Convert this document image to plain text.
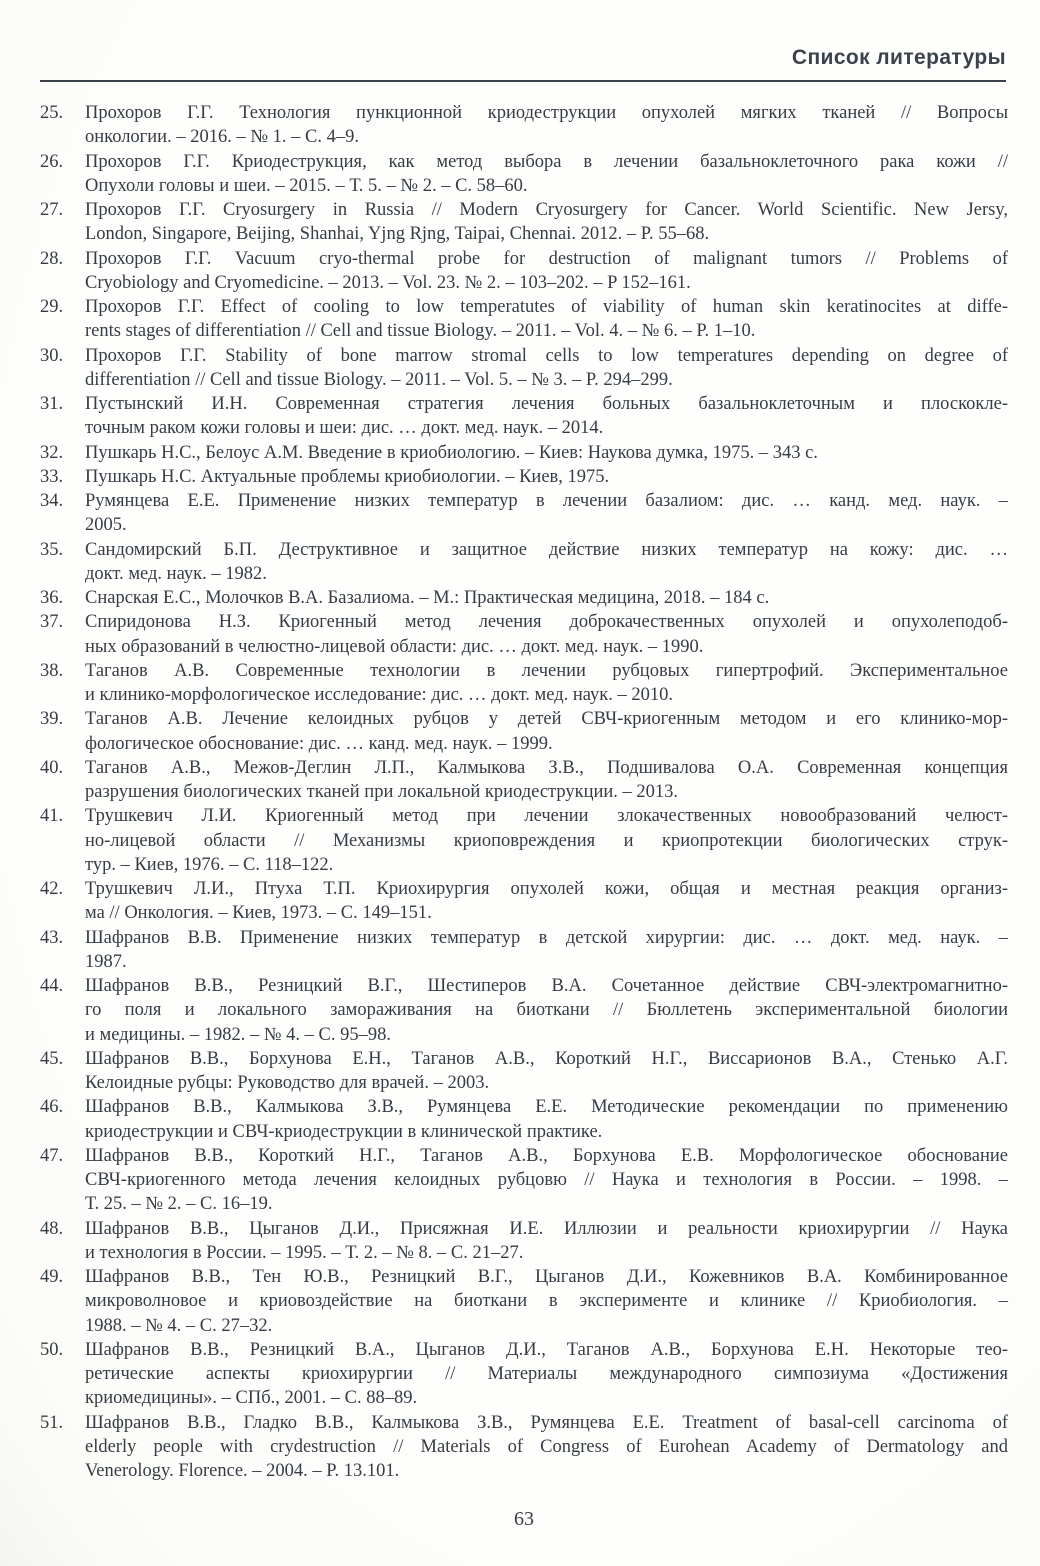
Список литературы
25.	Прохоров Г.Г. Технология пункционной криодеструкции опухолей мягких тканей // Вопросы
онкологии. – 2016. – № 1. – С. 4–9.
26.	Прохоров Г.Г. Криодеструкция, как метод выбора в лечении базальноклеточного рака кожи //
Опухоли головы и шеи. – 2015. – Т. 5. – № 2. – С. 58–60.
27.	Прохоров Г.Г. Cryosurgery in Russia // Modern Cryosurgery for Cancer. World Scientific. New Jersy,
London, Singapore, Beijing, Shanhai, Yjng Rjng, Taipai, Chennai. 2012. – P. 55–68.
28.	Прохоров Г.Г. Vacuum cryo-thermal probe for destruction of malignant tumors // Problems of
Cryobiology and Cryomedicine. – 2013. – Vol. 23. № 2. – 103–202. – P 152–161.
29.	Прохоров Г.Г. Effect of cooling to low temperatutes of viability of human skin keratinocites at diffe-
rents stages of differentiation // Cell and tissue Biology. – 2011. – Vol. 4. – № 6. – P. 1–10.
30.	Прохоров Г.Г. Stability of bone marrow stromal cells to low temperatures depending on degree of
differentiation // Cell and tissue Biology. – 2011. – Vol. 5. – № 3. – P. 294–299.
31.	Пустынский И.Н. Современная стратегия лечения больных базальноклеточным и плоскокле-
точным раком кожи головы и шеи: дис. … докт. мед. наук. – 2014.
32.	Пушкарь Н.С., Белоус А.М. Введение в криобиологию. – Киев: Наукова думка, 1975. – 343 с.
33.	Пушкарь Н.С. Актуальные проблемы криобиологии. – Киев, 1975.
34.	Румянцева Е.Е. Применение низких температур в лечении базалиом: дис. … канд. мед. наук. –
2005.
35.	Сандомирский Б.П. Деструктивное и защитное действие низких температур на кожу: дис. …
докт. мед. наук. – 1982.
36.	Снарская Е.С., Молочков В.А. Базалиома. – М.: Практическая медицина, 2018. – 184 с.
37.	Спиридонова Н.З. Криогенный метод лечения доброкачественных опухолей и опухолеподоб-
ных образований в челюстно-лицевой области: дис. … докт. мед. наук. – 1990.
38.	Таганов А.В. Современные технологии в лечении рубцовых гипертрофий. Экспериментальное
и клинико-морфологическое исследование: дис. … докт. мед. наук. – 2010.
39.	Таганов А.В. Лечение келоидных рубцов у детей СВЧ-криогенным методом и его клинико-мор-
фологическое обоснование: дис. … канд. мед. наук. – 1999.
40.	Таганов А.В., Межов-Деглин Л.П., Калмыкова З.В., Подшивалова О.А. Современная концепция
разрушения биологических тканей при локальной криодеструкции. – 2013.
41.	Трушкевич Л.И. Криогенный метод при лечении злокачественных новообразований челюст-
но-лицевой области // Механизмы криоповреждения и криопротекции биологических струк-
тур. – Киев, 1976. – С. 118–122.
42.	Трушкевич Л.И., Птуха Т.П. Криохирургия опухолей кожи, общая и местная реакция организ-
ма // Онкология. – Киев, 1973. – С. 149–151.
43.	Шафранов В.В. Применение низких температур в детской хирургии: дис. … докт. мед. наук. –
1987.
44.	Шафранов В.В., Резницкий В.Г., Шестиперов В.А. Сочетанное действие СВЧ-электромагнитно-
го поля и локального замораживания на биоткани // Бюллетень экспериментальной биологии
и медицины. – 1982. – № 4. – С. 95–98.
45.	Шафранов В.В., Борхунова Е.Н., Таганов А.В., Короткий Н.Г., Виссарионов В.А., Стенько А.Г.
Келоидные рубцы: Руководство для врачей. – 2003.
46.	Шафранов В.В., Калмыкова З.В., Румянцева Е.Е. Методические рекомендации по применению
криодеструкции и СВЧ-криодеструкции в клинической практике.
47.	Шафранов В.В., Короткий Н.Г., Таганов А.В., Борхунова Е.В. Морфологическое обоснование
СВЧ-криогенного метода лечения келоидных рубцовю // Наука и технология в России. – 1998. –
Т. 25. – № 2. – С. 16–19.
48.	Шафранов В.В., Цыганов Д.И., Присяжная И.Е. Иллюзии и реальности криохирургии // Наука
и технология в России. – 1995. – Т. 2. – № 8. – С. 21–27.
49.	Шафранов В.В., Тен Ю.В., Резницкий В.Г., Цыганов Д.И., Кожевников В.А. Комбинированное
микроволновое и криовоздействие на биоткани в эксперименте и клинике // Криобиология. –
1988. – № 4. – С. 27–32.
50.	Шафранов В.В., Резницкий В.А., Цыганов Д.И., Таганов А.В., Борхунова Е.Н. Некоторые тео-
ретические аспекты криохирургии // Материалы международного симпозиума «Достижения
криомедицины». – СПб., 2001. – С. 88–89.
51.	Шафранов В.В., Гладко В.В., Калмыкова З.В., Румянцева Е.Е. Treatment of basal-cell carcinoma of
elderly people with crydestruction // Materials of Congress of Eurohean Academy of Dermatology and
Venerology. Florence. – 2004. – P. 13.101.
63
